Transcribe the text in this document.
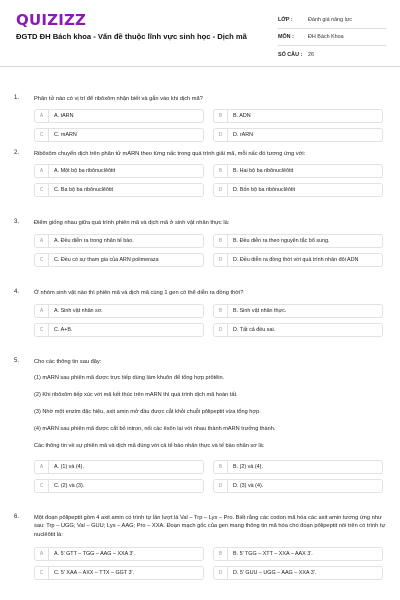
QUIZIZZ
ĐGTD ĐH Bách khoa - Vấn đề thuộc lĩnh vực sinh học - Dịch mã
LỚP :	Đánh giá năng lực
MÔN :	ĐH Bách Khoa
SỐ CÂU :	26
1.	Phân tử nào có vị trí để ribôxôm nhận biết và gắn vào khi dịch mã?
A	A. tARN	B	B. ADN
C	C. mARN	D	D. rARN
2.	Ribôxôm chuyển dịch trên phân tử mARN theo từng nấc trong quá trình giải mã, mỗi nấc đó tương ứng với:
A	A. Một bộ ba ribônuclêôtit	B	B. Hai bộ ba ribônuclêôtit
C	C. Ba bộ ba ribônuclêôtit	D	D. Bốn bộ ba ribônuclêôtit
3.	Điểm giống nhau giữa quá trình phiên mã và dịch mã ở sinh vật nhân thực là:
A	A. Đều diễn ra trong nhân tế bào.	B	B. Đều diễn ra theo nguyên tắc bổ sung.
C	C. Đều có sự tham gia của ARN polimeraza	D	D. Đều diễn ra đồng thời với quá trình nhân đôi ADN
4.	Ở nhóm sinh vật nào thì phiên mã và dịch mã cùng 1 gen có thể diễn ra đồng thời?
A	A. Sinh vật nhân sơ.	B	B. Sinh vật nhân thực.
C	C. A+B.	D	D. Tất cả đều sai.
5.	Cho các thông tin sau đây:
(1) mARN sau phiên mã được trực tiếp dùng làm khuôn để tổng hợp prôtêin.
(2) Khi ribôxôm tiếp xúc với mã kết thúc trên mARN thì quá trình dịch mã hoàn tất.
(3) Nhờ một enzim đặc hiệu, axit amin mở đầu được cắt khỏi chuỗi pôlipeptit vừa tổng hợp.
(4) mARN sau phiên mã được cắt bỏ intron, nối các êxôn lại với nhau thành mARN trưởng thành.
Các thông tin về sự phiên mã và dịch mã đúng với cả tế bào nhân thực và tế bào nhân sơ là:
A	A. (1) và (4).	B	B. (2) và (4).
C	C. (2) và (3).	D	D. (3) và (4).
6.	Một đoạn pôlipeptit gồm 4 axit amin có trình tự lần lượt là Val – Trp – Lys – Pro. Biết rằng các codon mã hóa các axit amin tương ứng như sau: Trp – UGG; Val – GUU; Lys – AAG; Pro – XXA. Đoạn mạch gốc của gen mang thông tin mã hóa cho đoạn pôlipeptit nói trên có trình tự nuclêôtit là:
A	A. 5' GTT – TGG – AAG – XXA 3'.	B	B. 5' TGG – XTT – XXA – AAX 3'.
C	C. 5' XAA – AXX – TTX – GGT 3'.	D	D. 5' GUU – UGG – AAG – XXA 3'.
